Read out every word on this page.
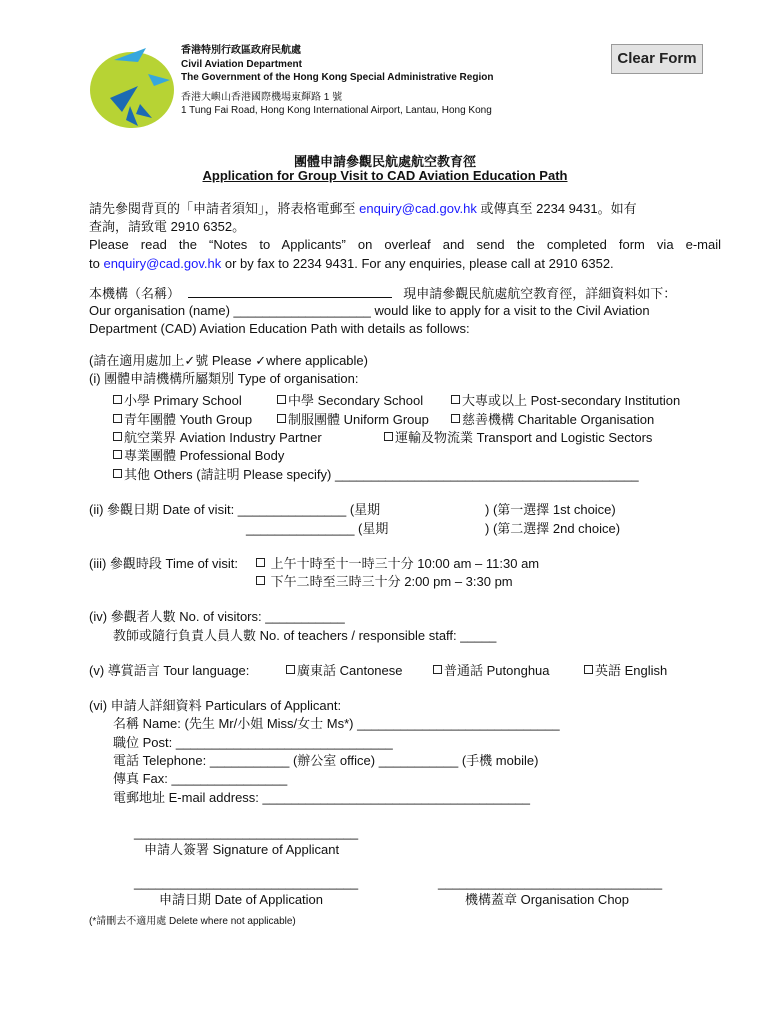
香港特別行政區政府民航處
Civil Aviation Department
The Government of the Hong Kong Special Administrative Region
香港大嶼山香港國際機場東輝路 1 號
1 Tung Fai Road, Hong Kong International Airport, Lantau, Hong Kong
Clear Form
團體申請參觀民航處航空教育徑
Application for Group Visit to CAD Aviation Education Path
請先參閱背頁的「申請者須知」，將表格電郵至 enquiry@cad.gov.hk 或傳真至 2234 9431。如有
查詢，請致電 2910 6352。
Please read the “Notes to Applicants” on overleaf and send the completed form via e-mail
to enquiry@cad.gov.hk or by fax to 2234 9431. For any enquiries, please call at 2910 6352.
本機構（名稱）	現申請參觀民航處航空教育徑，詳細資料如下：
Our organisation (name) ___________________ would like to apply for a visit to the Civil Aviation
Department (CAD) Aviation Education Path with details as follows:
(請在適用處加上✓號 Please ✓where applicable)
(i) 團體申請機構所屬類別 Type of organisation:
小學 Primary School	中學 Secondary School	大專或以上 Post-secondary Institution
青年團體 Youth Group	制服團體 Uniform Group	慈善機構 Charitable Organisation
航空業界 Aviation Industry Partner	運輸及物流業 Transport and Logistic Sectors
專業團體 Professional Body
其他 Others (請註明 Please specify) __________________________________________
(ii) 參觀日期 Date of visit: _______________ (星期	) (第一選擇 1st choice)
_______________ (星期	) (第二選擇 2nd choice)
(iii) 參觀時段 Time of visit:	上午十時至十一時三十分 10:00 am – 11:30 am
下午二時至三時三十分 2:00 pm – 3:30 pm
(iv) 參觀者人數 No. of visitors: ___________
教師或隨行負責人員人數 No. of teachers / responsible staff: _____
(v) 導賞語言 Tour language:	廣東話 Cantonese	普通話 Putonghua	英語 English
(vi) 申請人詳細資料 Particulars of Applicant:
名稱 Name: (先生 Mr/小姐 Miss/女士 Ms*) ____________________________
職位 Post: ______________________________
電話 Telephone: ___________ (辦公室 office) ___________ (手機 mobile)
傳真 Fax: ________________
電郵地址 E-mail address: _____________________________________
_______________________________
申請人簽署 Signature of Applicant
_______________________________
申請日期 Date of Application
_______________________________
機構蓋章 Organisation Chop
(*請刪去不適用處 Delete where not applicable)
